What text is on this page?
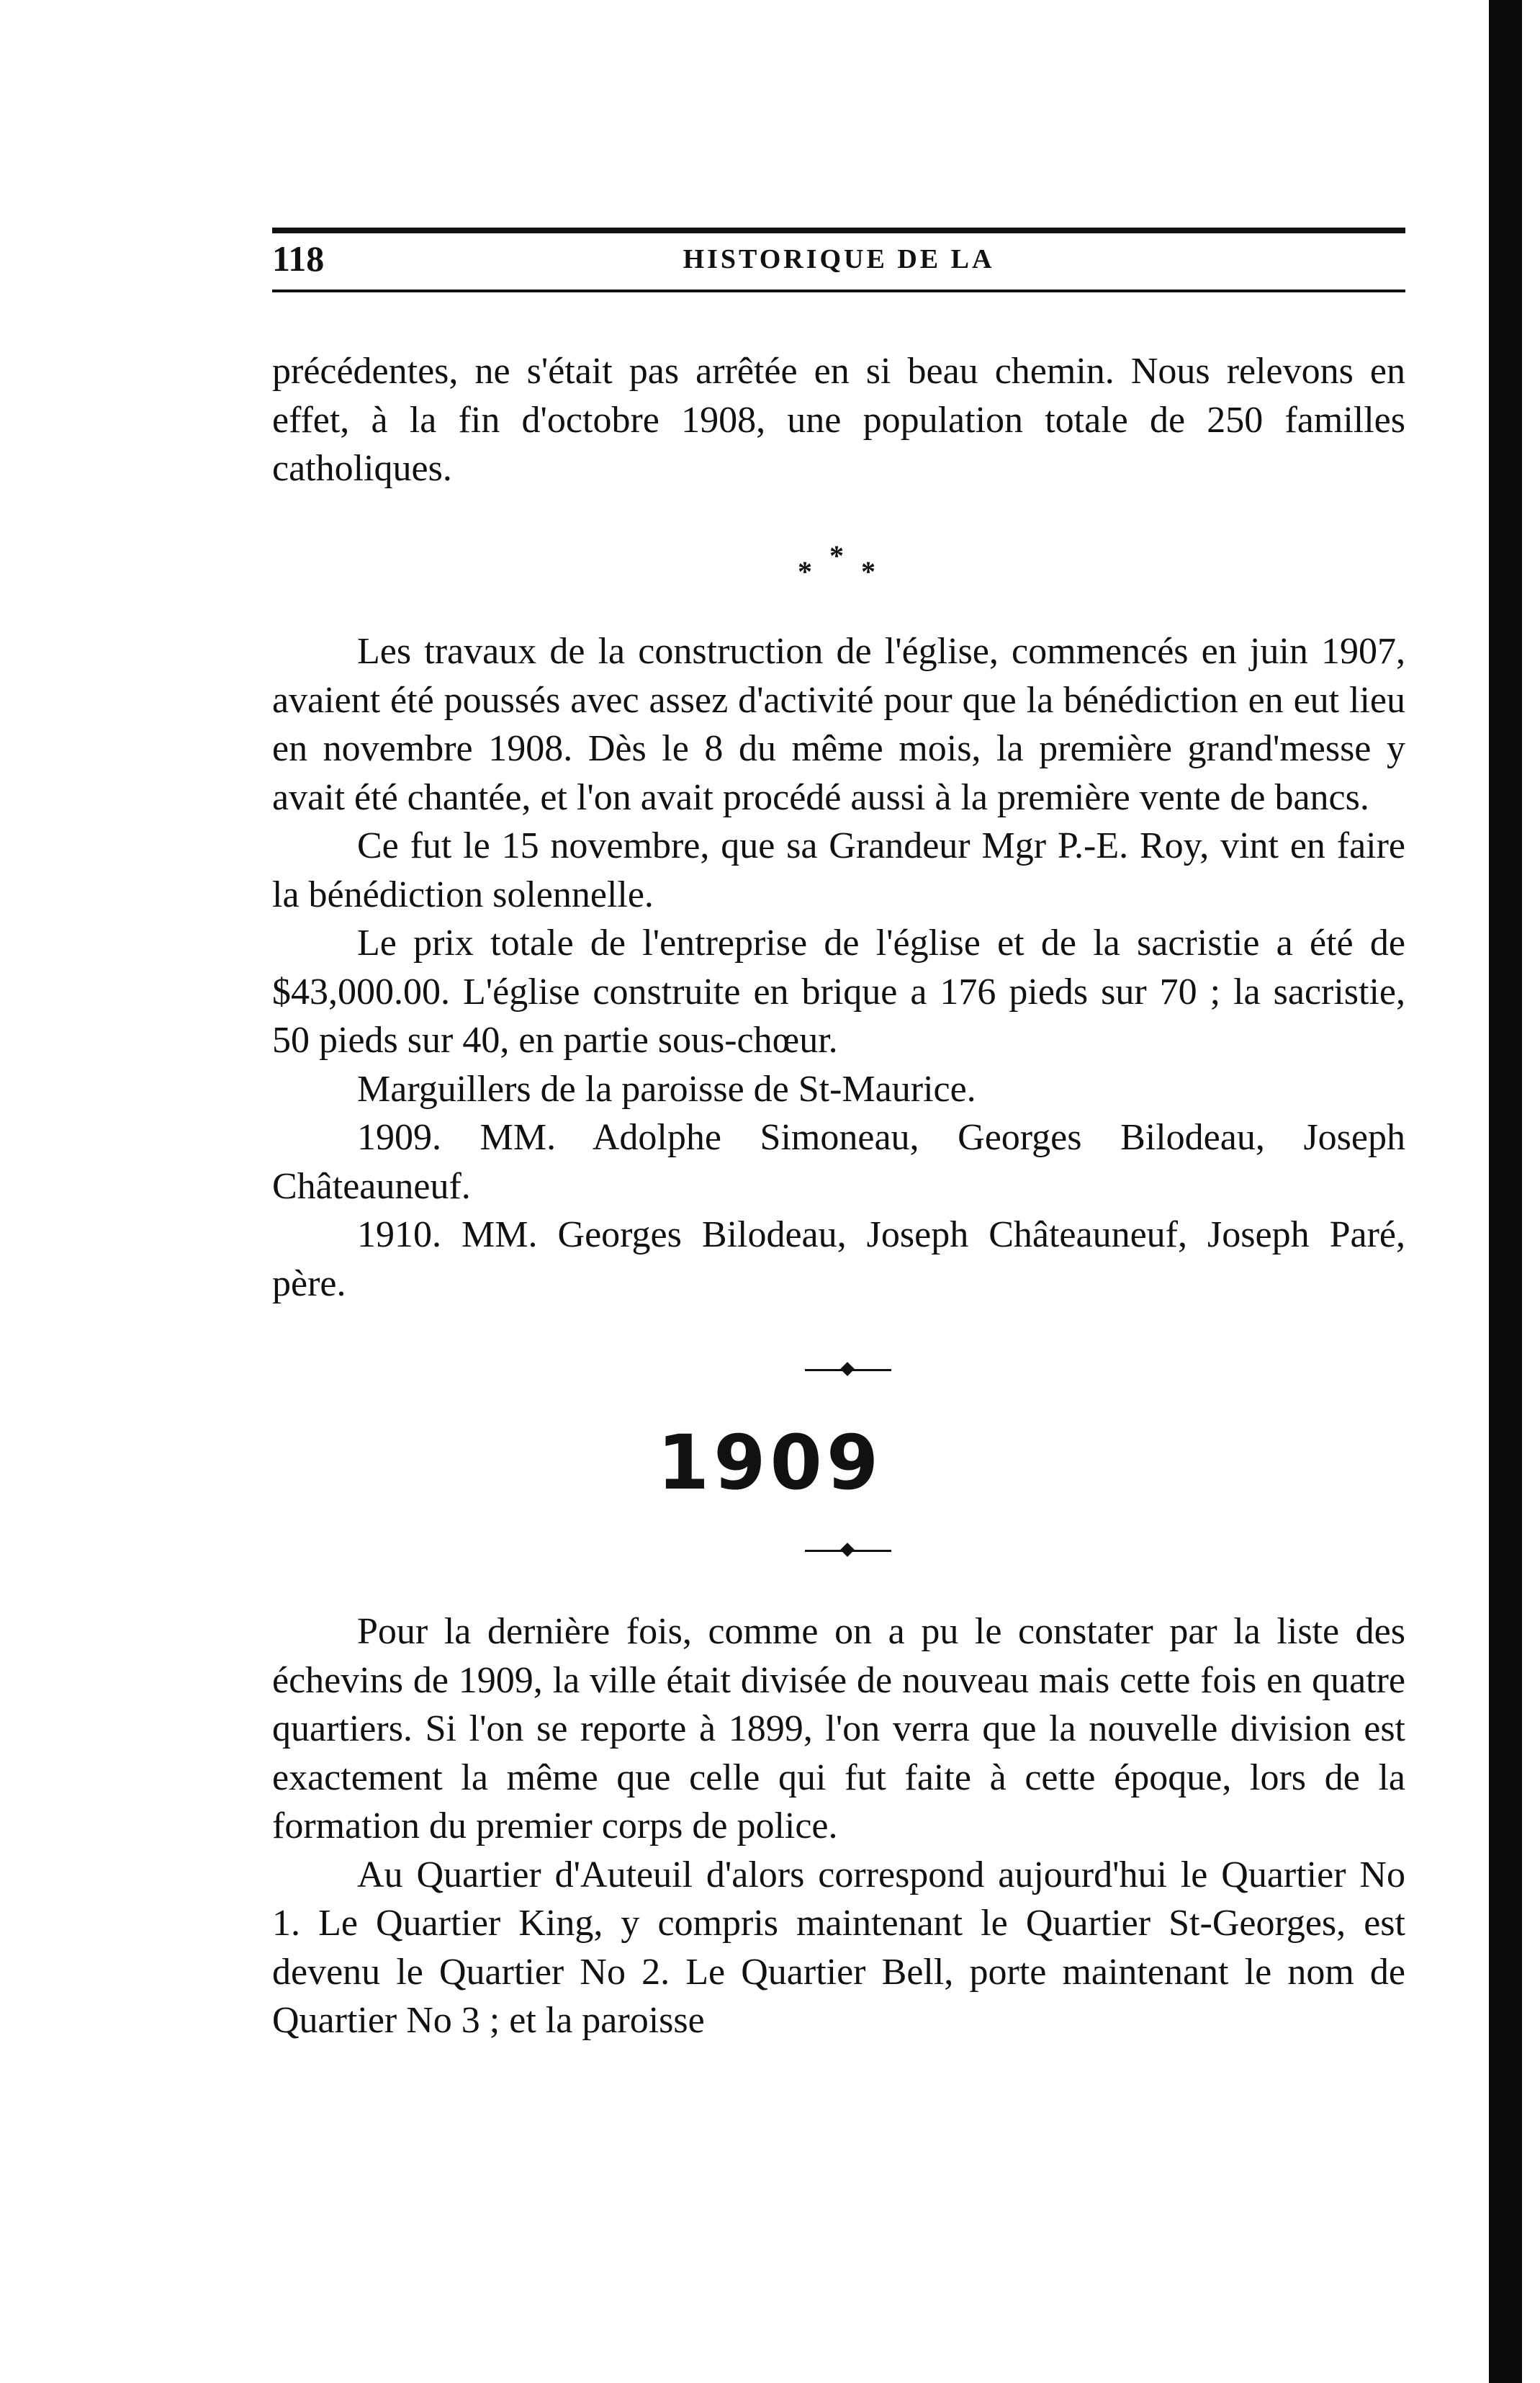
118	HISTORIQUE DE LA

précédentes, ne s'était pas arrêtée en si beau chemin. Nous relevons en effet, à la fin d'octobre 1908, une population totale de 250 familles catholiques.

* * *

Les travaux de la construction de l'église, commencés en juin 1907, avaient été poussés avec assez d'activité pour que la bénédiction en eut lieu en novembre 1908. Dès le 8 du même mois, la première grand'messe y avait été chantée, et l'on avait procédé aussi à la première vente de bancs.

Ce fut le 15 novembre, que sa Grandeur Mgr P.-E. Roy, vint en faire la bénédiction solennelle.

Le prix totale de l'entreprise de l'église et de la sacristie a été de $43,000.00. L'église construite en brique a 176 pieds sur 70 ; la sacristie, 50 pieds sur 40, en partie sous-chœur.

Marguillers de la paroisse de St-Maurice.

1909. MM. Adolphe Simoneau, Georges Bilodeau, Joseph Châteauneuf.

1910. MM. Georges Bilodeau, Joseph Châteauneuf, Joseph Paré, père.

1909

Pour la dernière fois, comme on a pu le constater par la liste des échevins de 1909, la ville était divisée de nouveau mais cette fois en quatre quartiers. Si l'on se reporte à 1899, l'on verra que la nouvelle division est exactement la même que celle qui fut faite à cette époque, lors de la formation du premier corps de police.

Au Quartier d'Auteuil d'alors correspond aujourd'hui le Quartier No 1. Le Quartier King, y compris maintenant le Quartier St-Georges, est devenu le Quartier No 2. Le Quartier Bell, porte maintenant le nom de Quartier No 3 ; et la paroisse
